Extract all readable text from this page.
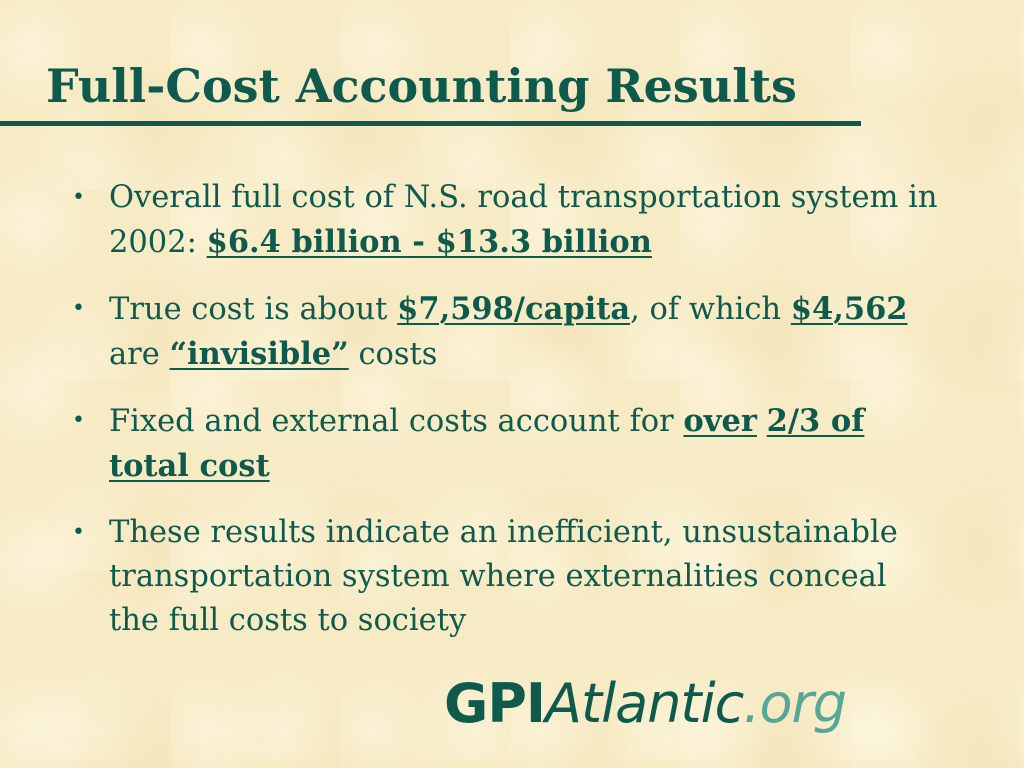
Full-Cost Accounting Results
• Overall full cost of N.S. road transportation system in 2002: $6.4 billion - $13.3 billion
• True cost is about $7,598/capita, of which $4,562 are “invisible” costs
• Fixed and external costs account for over 2/3 of total cost
• These results indicate an inefficient, unsustainable transportation system where externalities conceal the full costs to society
GPIAtlantic.org
